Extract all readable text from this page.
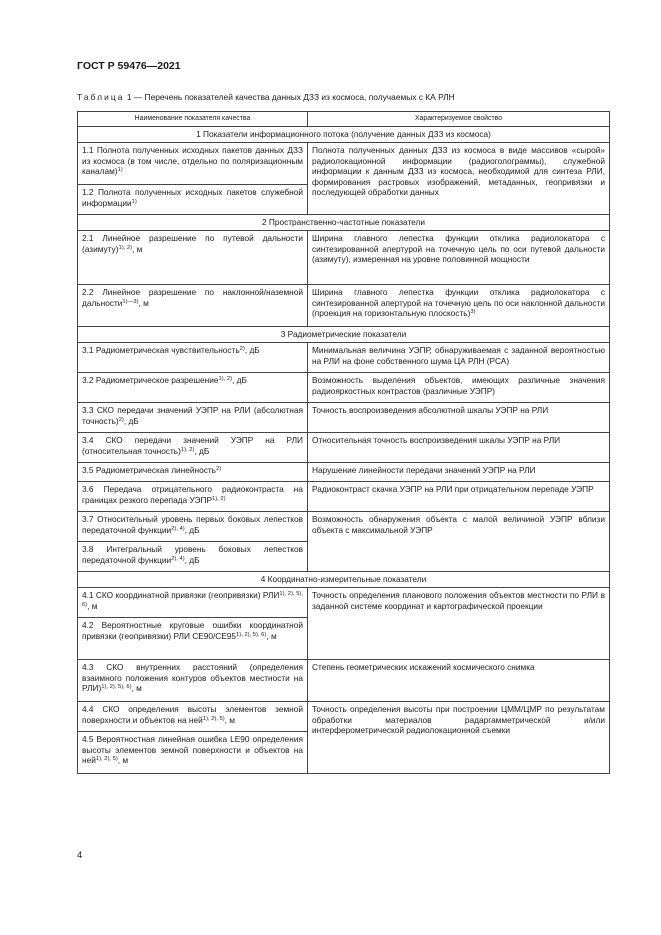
ГОСТ Р 59476—2021
Таблица 1 — Перечень показателей качества данных ДЗЗ из космоса, получаемых с КА РЛН
Наименование показателя качества	Характеризуемое свойство
1 Показатели информационного потока (получение данных ДЗЗ из космоса)	
1.1 Полнота полученных исходных пакетов данных ДЗЗ из космоса (в том числе, отдельно по поляризационным каналам)$^{1)}$	Полнота полученных данных ДЗЗ из космоса в виде массивов «сырой» радиолокационной информации (радиоголограммы), служебной информации к данным ДЗЗ из космоса, необходимой для синтеза РЛИ, формирования растровых изображений, метаданных, геопривязки и последующей обработки данных
1.2 Полнота полученных исходных пакетов служебной информации$^{1)}$
2 Пространственно-частотные показатели	
2.1 Линейное разрешение по путевой дальности (азимуту)$^{1), 2)}$, м	Ширина главного лепестка функции отклика радиолокатора с синтезированной апертурой на точечную цель по оси путевой дальности (азимуту), измеренная на уровне половинной мощности
2.2 Линейное разрешение по наклонной/наземной дальности$^{1)—3)}$, м	Ширина главного лепестка функции отклика радиолокатора с синтезированной апертурой на точечную цель по оси наклонной дальности (проекция на горизонтальную плоскость)$^{3)}$
3 Радиометрические показатели	
3.1 Радиометрическая чувствительность$^{2)}$, дБ	Минимальная величина УЭПР, обнаруживаемая с заданной вероятностью на РЛИ на фоне собственного шума ЦА РЛН (РСА)
3.2 Радиометрическое разрешение$^{1), 2)}$, дБ	Возможность выделения объектов, имеющих различные значения радиояркостных контрастов (различные УЭПР)
3.3 СКО передачи значений УЭПР на РЛИ (абсолютная точность)$^{2)}$, дБ	Точность воспроизведения абсолютной шкалы УЭПР на РЛИ
3.4 СКО передачи значений УЭПР на РЛИ (относительная точность)$^{1), 2)}$, дБ	Относительная точность воспроизведения шкалы УЭПР на РЛИ
3.5 Радиометрическая линейность$^{2)}$	Нарушение линейности передачи значений УЭПР на РЛИ
3.6 Передача отрицательного радиоконтраста на границах резкого перепада $УЭПР^{1), 2)}$	Радиоконтраст скачка УЭПР на РЛИ при отрицательном перепаде УЭПР
3.7 Относительный уровень первых боковых лепестков передаточной функции$^{2), 4)}$, дБ	Возможность обнаружения объекта с малой величиной УЭПР вблизи объекта с максимальной УЭПР
3.8 Интегральный уровень боковых лепестков передаточной функции$^{2), 4)}$, дБ	
4 Координатно-измерительные показатели	
4.1 СКО координатной привязки (геопривязки) $РЛИ^{1), 2), 5), 6)}$, м	Точность определения планового положения объектов местности по РЛИ в заданной системе координат и картографической проекции
4.2 Вероятностные круговые ошибки координатной привязки (геопривязки) РЛИ $CE90/CE95^{1), 2), 5), 6)}$, м	
4.3 СКО внутренних расстояний (определения взаимного положения контуров объектов местности на РЛИ)$^{1), 2), 5), 6)}$, м	Степень геометрических искажений космического снимка
4.4 СКО определения высоты элементов земной поверхности и объектов на ней$^{1), 2), 5)}$, м	Точность определения высоты при построении ЦММ/ЦМР по результатам обработки материалов радаргамметрической и/или интерферометрической радиолокационной съемки
4.5 Вероятностная линейная ошибка LE90 определения высоты элементов земной поверхности и объектов на ней$^{1), 2), 5)}$, м	
4
